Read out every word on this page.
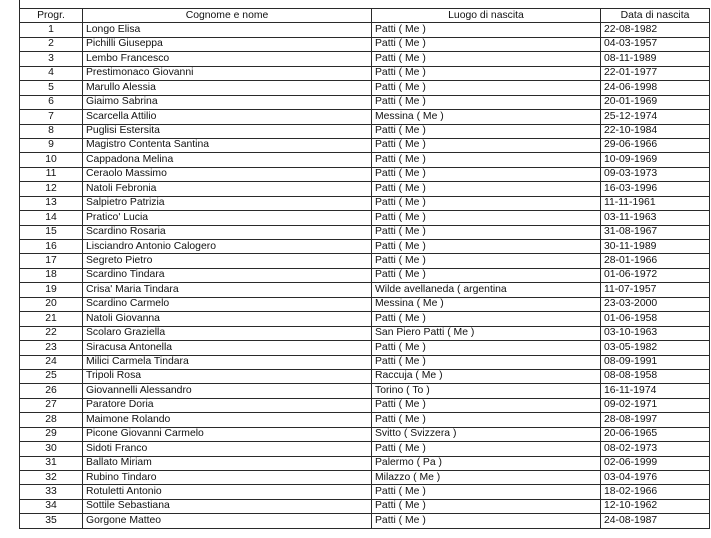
Progr.	Cognome e nome	Luogo di nascita	Data di nascita
1	Longo Elisa	Patti ( Me )	22-08-1982
2	Pichilli Giuseppa	Patti ( Me )	04-03-1957
3	Lembo Francesco	Patti ( Me )	08-11-1989
4	Prestimonaco Giovanni	Patti ( Me )	22-01-1977
5	Marullo Alessia	Patti ( Me )	24-06-1998
6	Giaimo Sabrina	Patti ( Me )	20-01-1969
7	Scarcella Attilio	Messina ( Me )	25-12-1974
8	Puglisi Estersita	Patti ( Me )	22-10-1984
9	Magistro Contenta Santina	Patti ( Me )	29-06-1966
10	Cappadona Melina	Patti ( Me )	10-09-1969
11	Ceraolo Massimo	Patti ( Me )	09-03-1973
12	Natoli Febronia	Patti ( Me )	16-03-1996
13	Salpietro Patrizia	Patti ( Me )	11-11-1961
14	Pratico' Lucia	Patti ( Me )	03-11-1963
15	Scardino Rosaria	Patti ( Me )	31-08-1967
16	Lisciandro Antonio Calogero	Patti ( Me )	30-11-1989
17	Segreto Pietro	Patti ( Me )	28-01-1966
18	Scardino Tindara	Patti ( Me )	01-06-1972
19	Crisa' Maria Tindara	Wilde avellaneda ( argentina	11-07-1957
20	Scardino Carmelo	Messina ( Me )	23-03-2000
21	Natoli Giovanna	Patti ( Me )	01-06-1958
22	Scolaro Graziella	San Piero Patti ( Me )	03-10-1963
23	Siracusa Antonella	Patti ( Me )	03-05-1982
24	Milici Carmela Tindara	Patti ( Me )	08-09-1991
25	Tripoli Rosa	Raccuja ( Me )	08-08-1958
26	Giovannelli Alessandro	Torino ( To )	16-11-1974
27	Paratore Doria	Patti ( Me )	09-02-1971
28	Maimone Rolando	Patti ( Me )	28-08-1997
29	Picone Giovanni Carmelo	Svitto ( Svizzera )	20-06-1965
30	Sidoti Franco	Patti ( Me )	08-02-1973
31	Ballato Miriam	Palermo ( Pa )	02-06-1999
32	Rubino Tindaro	Milazzo ( Me )	03-04-1976
33	Rotuletti Antonio	Patti ( Me )	18-02-1966
34	Sottile Sebastiana	Patti ( Me )	12-10-1962
35	Gorgone Matteo	Patti ( Me )	24-08-1987
